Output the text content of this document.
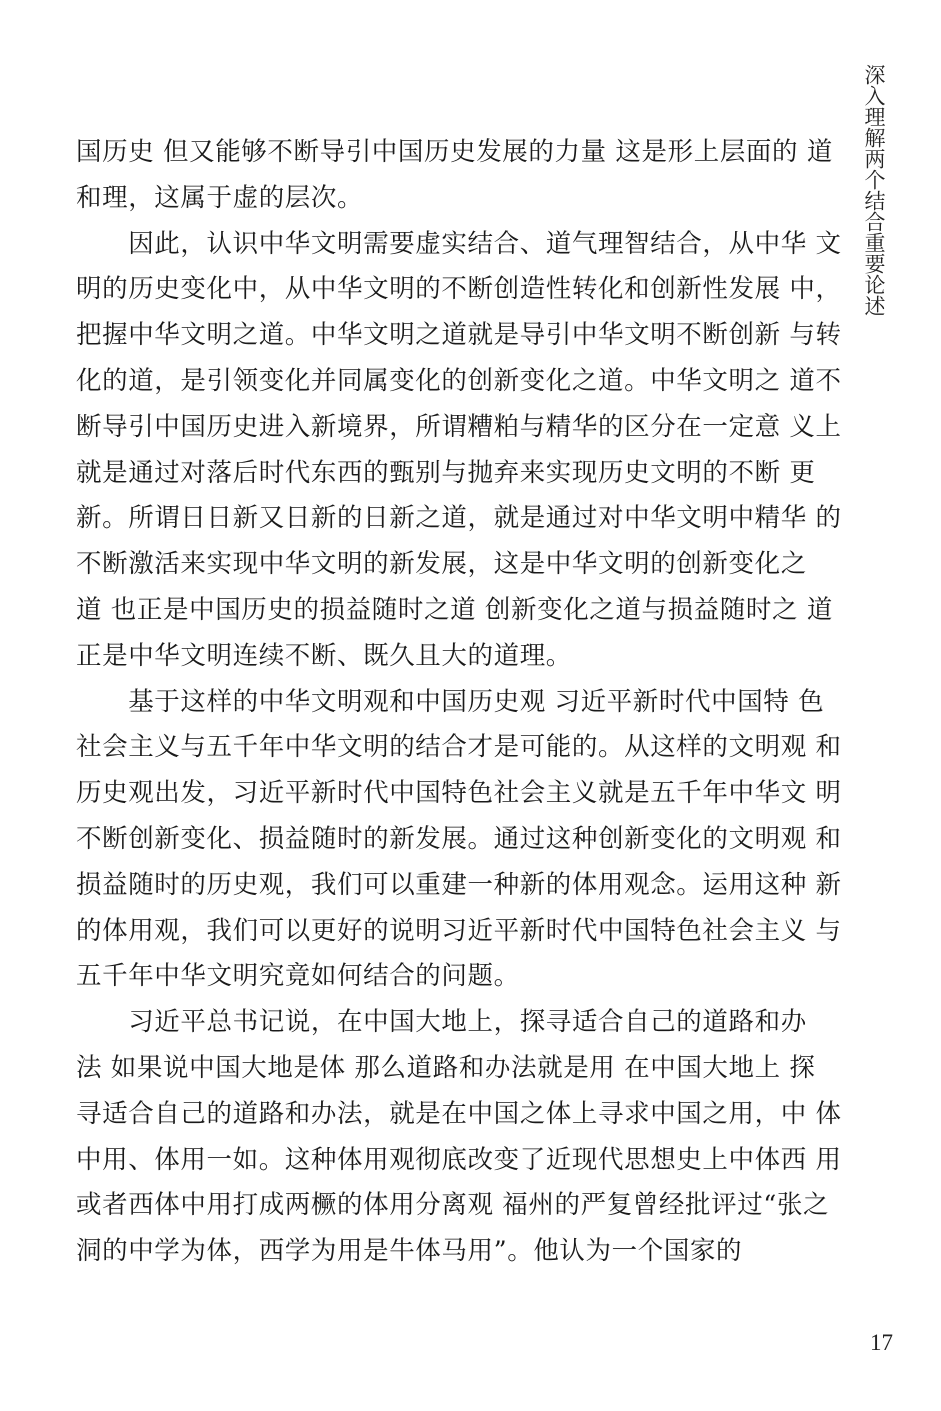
深入理解两个结合重要论述
国历史 但又能够不断导引中国历史发展的力量 这是形上层面的 道
和理，这属于虚的层次。
　　因此，认识中华文明需要虚实结合、道气理智结合，从中华 文
明的历史变化中，从中华文明的不断创造性转化和创新性发展 中，
把握中华文明之道。中华文明之道就是导引中华文明不断创新 与转
化的道，是引领变化并同属变化的创新变化之道。中华文明之 道不
断导引中国历史进入新境界，所谓糟粕与精华的区分在一定意 义上
就是通过对落后时代东西的甄别与抛弃来实现历史文明的不断 更
新。所谓日日新又日新的日新之道，就是通过对中华文明中精华 的
不断激活来实现中华文明的新发展，这是中华文明的创新变化之
道 也正是中国历史的损益随时之道 创新变化之道与损益随时之 道
正是中华文明连续不断、既久且大的道理。
　　基于这样的中华文明观和中国历史观 习近平新时代中国特 色
社会主义与五千年中华文明的结合才是可能的。从这样的文明观 和
历史观出发，习近平新时代中国特色社会主义就是五千年中华文 明
不断创新变化、损益随时的新发展。通过这种创新变化的文明观 和
损益随时的历史观，我们可以重建一种新的体用观念。运用这种 新
的体用观，我们可以更好的说明习近平新时代中国特色社会主义 与
五千年中华文明究竟如何结合的问题。
　　习近平总书记说，在中国大地上，探寻适合自己的道路和办
法 如果说中国大地是体 那么道路和办法就是用 在中国大地上 探
寻适合自己的道路和办法，就是在中国之体上寻求中国之用，中 体
中用、体用一如。这种体用观彻底改变了近现代思想史上中体西 用
或者西体中用打成两橛的体用分离观 福州的严复曾经批评过“张之
洞的中学为体，西学为用是牛体马用”。他认为一个国家的
17
